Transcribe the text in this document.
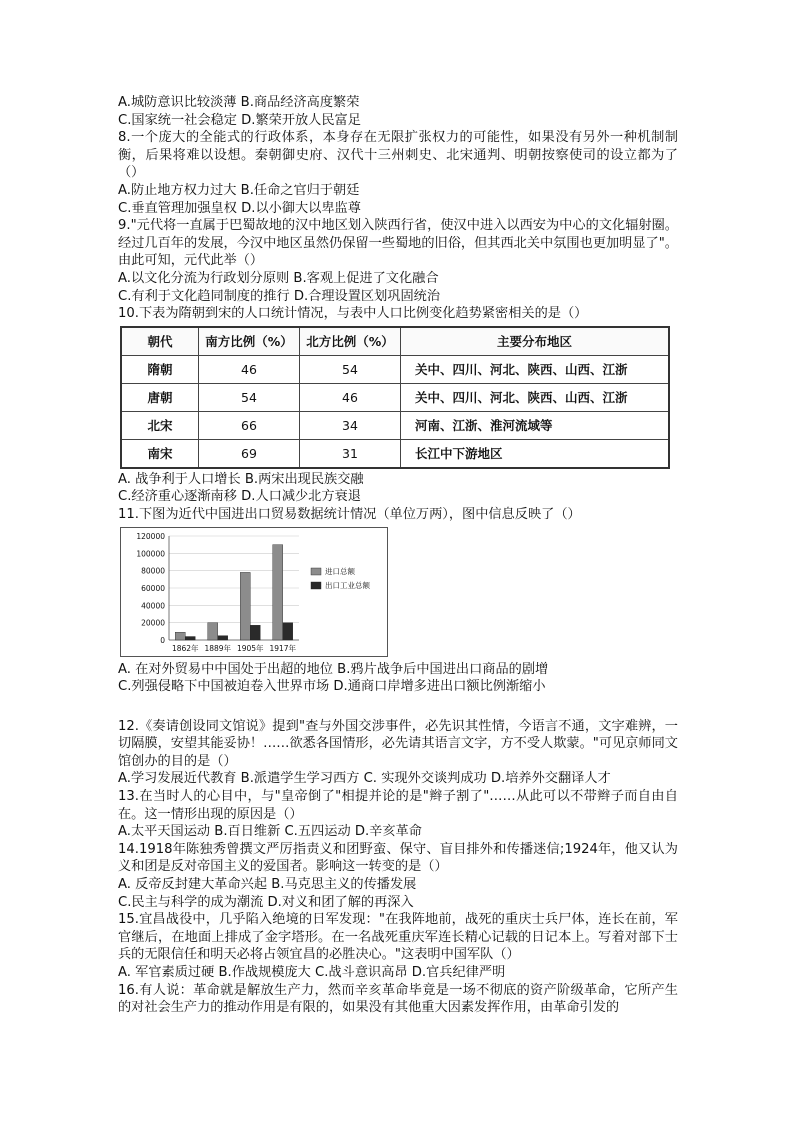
A.城防意识比较淡薄 B.商品经济高度繁荣
C.国家统一社会稳定 D.繁荣开放人民富足
8.一个庞大的全能式的行政体系，本身存在无限扩张权力的可能性，如果没有另外一种机制制衡，后果将难以设想。秦朝御史府、汉代十三州刺史、北宋通判、明朝按察使司的设立都为了（）
A.防止地方权力过大 B.任命之官归于朝廷
C.垂直管理加强皇权 D.以小御大以卑监尊
9."元代将一直属于巴蜀故地的汉中地区划入陕西行省，使汉中进入以西安为中心的文化辐射圈。经过几百年的发展，今汉中地区虽然仍保留一些蜀地的旧俗，但其西北关中氛围也更加明显了"。由此可知，元代此举（）
A.以文化分流为行政划分原则 B.客观上促进了文化融合
C.有利于文化趋同制度的推行 D.合理设置区划巩固统治
10.下表为隋朝到宋的人口统计情况，与表中人口比例变化趋势紧密相关的是（）
朝代	南方比例（%）	北方比例（%）	主要分布地区
隋朝	46	54	关中、四川、河北、陕西、山西、江浙
唐朝	54	46	关中、四川、河北、陕西、山西、江浙
北宋	66	34	河南、江浙、淮河流域等
南宋	69	31	长江中下游地区
A. 战争利于人口增长 B.两宋出现民族交融
C.经济重心逐渐南移 D.人口减少北方衰退
11.下图为近代中国进出口贸易数据统计情况（单位万两），图中信息反映了（）
0
20000
40000
60000
80000
100000
120000
1862年 1889年 1905年 1917年
进口总额
出口工业总额
A. 在对外贸易中中国处于出超的地位 B.鸦片战争后中国进出口商品的剧增
C.列强侵略下中国被迫卷入世界市场 D.通商口岸增多进出口额比例渐缩小
12.《奏请创设同文馆说》提到"查与外国交涉事件，必先识其性情，今语言不通，文字难辨，一切隔膜，安望其能妥协！……欲悉各国情形，必先请其语言文字，方不受人欺蒙。"可见京师同文馆创办的目的是（）
A.学习发展近代教育 B.派遣学生学习西方 C. 实现外交谈判成功 D.培养外交翻译人才
13.在当时人的心目中，与"皇帝倒了"相提并论的是"辫子割了"……从此可以不带辫子而自由自在。这一情形出现的原因是（）
A.太平天国运动 B.百日维新 C.五四运动 D.辛亥革命
14.1918年陈独秀曾撰文严厉指责义和团野蛮、保守、盲目排外和传播迷信;1924年，他又认为义和团是反对帝国主义的爱国者。影响这一转变的是（）
A. 反帝反封建大革命兴起 B.马克思主义的传播发展
C.民主与科学的成为潮流 D.对义和团了解的再深入
15.宜昌战役中，几乎陷入绝境的日军发现："在我阵地前，战死的重庆士兵尸体，连长在前，军官继后，在地面上排成了金字塔形。在一名战死重庆军连长精心记载的日记本上。写着对部下士兵的无限信任和明天必将占领宜昌的必胜决心。"这表明中国军队（）
A. 军官素质过硬 B.作战规模庞大 C.战斗意识高昂 D.官兵纪律严明
16.有人说：革命就是解放生产力，然而辛亥革命毕竟是一场不彻底的资产阶级革命，它所产生的对社会生产力的推动作用是有限的，如果没有其他重大因素发挥作用，由革命引发的
